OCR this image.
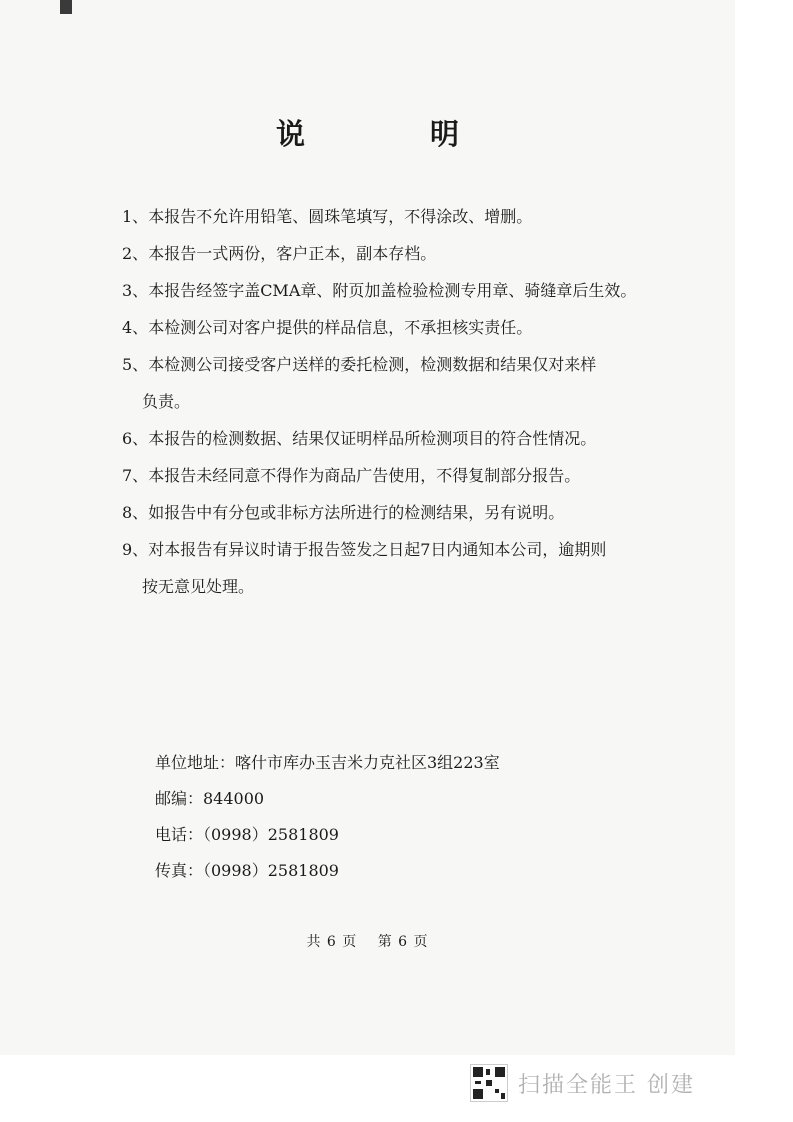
说　明
1、本报告不允许用铅笔、圆珠笔填写，不得涂改、增删。
2、本报告一式两份，客户正本，副本存档。
3、本报告经签字盖CMA章、附页加盖检验检测专用章、骑缝章后生效。
4、本检测公司对客户提供的样品信息，不承担核实责任。
5、本检测公司接受客户送样的委托检测，检测数据和结果仅对来样
负责。
6、本报告的检测数据、结果仅证明样品所检测项目的符合性情况。
7、本报告未经同意不得作为商品广告使用，不得复制部分报告。
8、如报告中有分包或非标方法所进行的检测结果，另有说明。
9、对本报告有异议时请于报告签发之日起7日内通知本公司，逾期则
按无意见处理。
单位地址：喀什市库办玉吉米力克社区3组223室
邮编：844000
电话：（0998）2581809
传真：（0998）2581809
共 6 页　 第 6 页
扫描全能王 创建
